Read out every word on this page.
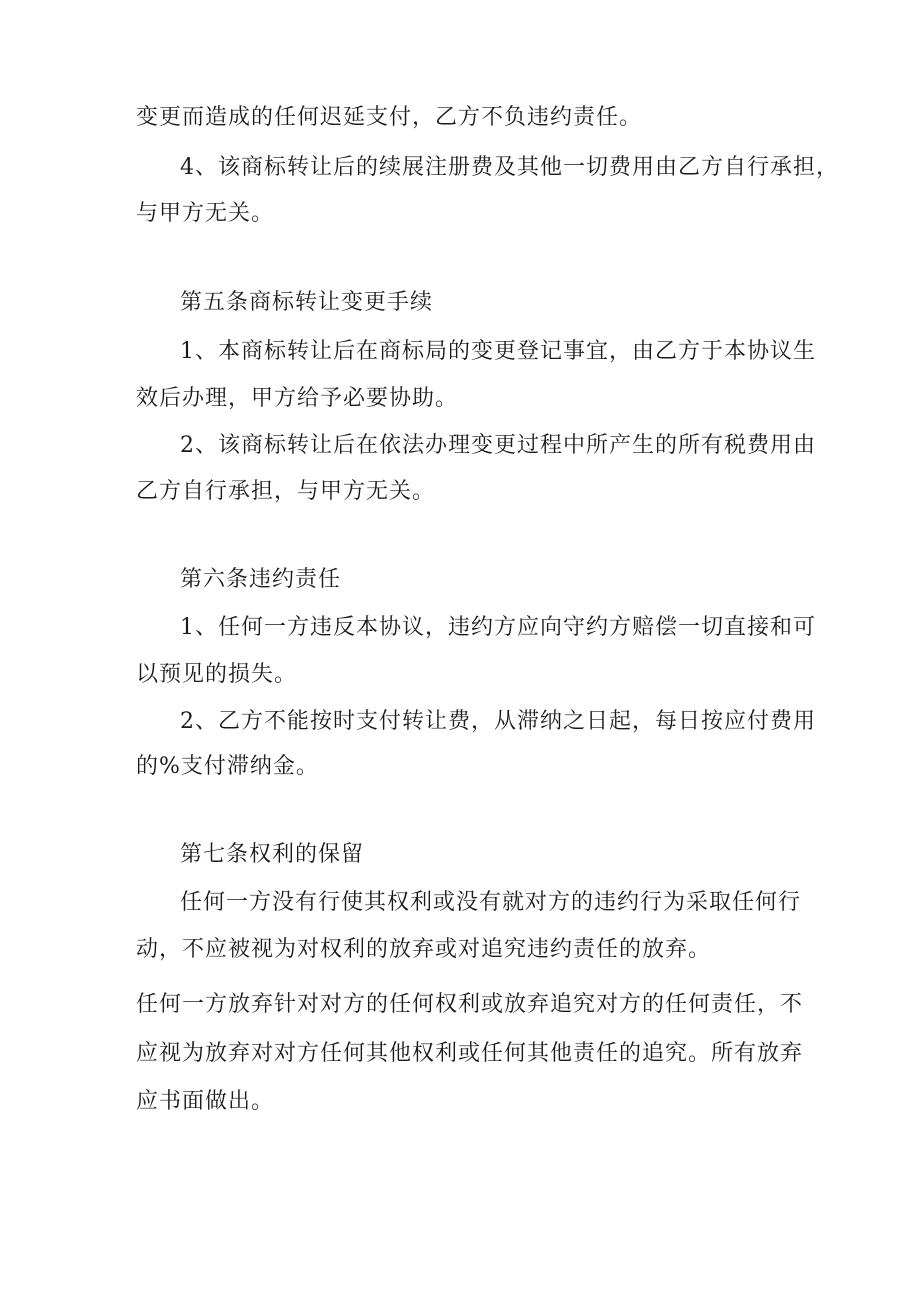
变更而造成的任何迟延支付，乙方不负违约责任。
4、该商标转让后的续展注册费及其他一切费用由乙方自行承担，
与甲方无关。
第五条商标转让变更手续
1、本商标转让后在商标局的变更登记事宜，由乙方于本协议生
效后办理，甲方给予必要协助。
2、该商标转让后在依法办理变更过程中所产生的所有税费用由
乙方自行承担，与甲方无关。
第六条违约责任
1、任何一方违反本协议，违约方应向守约方赔偿一切直接和可
以预见的损失。
2、乙方不能按时支付转让费，从滞纳之日起，每日按应付费用
的%支付滞纳金。
第七条权利的保留
任何一方没有行使其权利或没有就对方的违约行为采取任何行
动，不应被视为对权利的放弃或对追究违约责任的放弃。
任何一方放弃针对对方的任何权利或放弃追究对方的任何责任，不
应视为放弃对对方任何其他权利或任何其他责任的追究。所有放弃
应书面做出。
